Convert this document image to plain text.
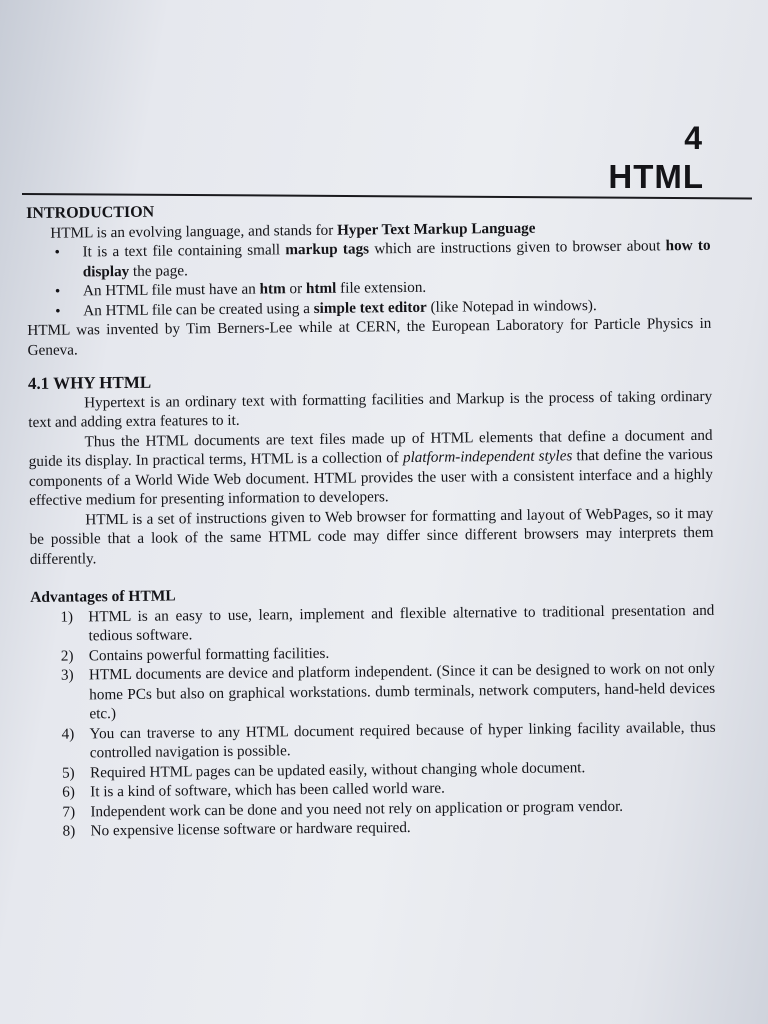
4
HTML
INTRODUCTION

HTML is an evolving language, and stands for Hyper Text Markup Language

• It is a text file containing small markup tags which are instructions given to browser about how to display the page.
• An HTML file must have an htm or html file extension.
• An HTML file can be created using a simple text editor (like Notepad in windows).

HTML was invented by Tim Berners-Lee while at CERN, the European Laboratory for Particle Physics in Geneva.

4.1 WHY HTML

Hypertext is an ordinary text with formatting facilities and Markup is the process of taking ordinary text and adding extra features to it.

Thus the HTML documents are text files made up of HTML elements that define a document and guide its display. In practical terms, HTML is a collection of platform-independent styles that define the various components of a World Wide Web document. HTML provides the user with a consistent interface and a highly effective medium for presenting information to developers.

HTML is a set of instructions given to Web browser for formatting and layout of WebPages, so it may be possible that a look of the same HTML code may differ since different browsers may interprets them differently.

Advantages of HTML
1) HTML is an easy to use, learn, implement and flexible alternative to traditional presentation and tedious software.
2) Contains powerful formatting facilities.
3) HTML documents are device and platform independent. (Since it can be designed to work on not only home PCs but also on graphical workstations. dumb terminals, network computers, hand-held devices etc.)
4) You can traverse to any HTML document required because of hyper linking facility available, thus controlled navigation is possible.
5) Required HTML pages can be updated easily, without changing whole document.
6) It is a kind of software, which has been called world ware.
7) Independent work can be done and you need not rely on application or program vendor.
8) No expensive license software or hardware required.
